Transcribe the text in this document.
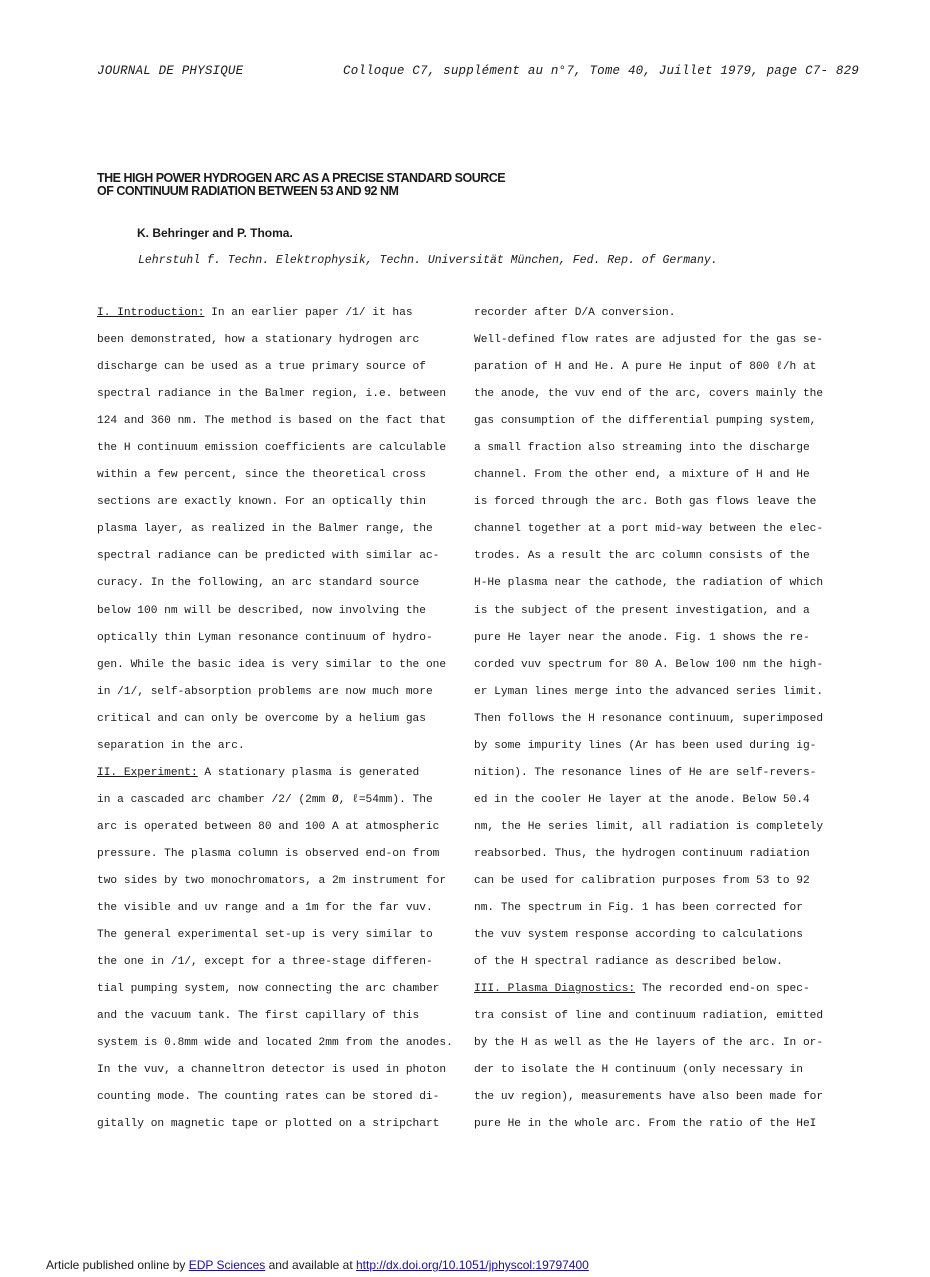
JOURNAL DE PHYSIQUE	Colloque C7, supplément au n°7, Tome 40, Juillet 1979, page C7- 829
THE HIGH POWER HYDROGEN ARC AS A PRECISE STANDARD SOURCE
OF CONTINUUM RADIATION BETWEEN 53 AND 92 NM
K. Behringer and P. Thoma.
Lehrstuhl f. Techn. Elektrophysik, Techn. Universität München, Fed. Rep. of Germany.
I. Introduction: In an earlier paper /1/ it has
been demonstrated, how a stationary hydrogen arc
discharge can be used as a true primary source of
spectral radiance in the Balmer region, i.e. between
124 and 360 nm. The method is based on the fact that
the H continuum emission coefficients are calculable
within a few percent, since the theoretical cross
sections are exactly known. For an optically thin
plasma layer, as realized in the Balmer range, the
spectral radiance can be predicted with similar ac-
curacy. In the following, an arc standard source
below 100 nm will be described, now involving the
optically thin Lyman resonance continuum of hydro-
gen. While the basic idea is very similar to the one
in /1/, self-absorption problems are now much more
critical and can only be overcome by a helium gas
separation in the arc.
II. Experiment: A stationary plasma is generated
in a cascaded arc chamber /2/ (2mm Ø, ℓ=54mm). The
arc is operated between 80 and 100 A at atmospheric
pressure. The plasma column is observed end-on from
two sides by two monochromators, a 2m instrument for
the visible and uv range and a 1m for the far vuv.
The general experimental set-up is very similar to
the one in /1/, except for a three-stage differen-
tial pumping system, now connecting the arc chamber
and the vacuum tank. The first capillary of this
system is 0.8mm wide and located 2mm from the anodes.
In the vuv, a channeltron detector is used in photon
counting mode. The counting rates can be stored di-
gitally on magnetic tape or plotted on a stripchart
recorder after D/A conversion.
Well-defined flow rates are adjusted for the gas se-
paration of H and He. A pure He input of 800 ℓ/h at
the anode, the vuv end of the arc, covers mainly the
gas consumption of the differential pumping system,
a small fraction also streaming into the discharge
channel. From the other end, a mixture of H and He
is forced through the arc. Both gas flows leave the
channel together at a port mid-way between the elec-
trodes. As a result the arc column consists of the
H-He plasma near the cathode, the radiation of which
is the subject of the present investigation, and a
pure He layer near the anode. Fig. 1 shows the re-
corded vuv spectrum for 80 A. Below 100 nm the high-
er Lyman lines merge into the advanced series limit.
Then follows the H resonance continuum, superimposed
by some impurity lines (Ar has been used during ig-
nition). The resonance lines of He are self-revers-
ed in the cooler He layer at the anode. Below 50.4
nm, the He series limit, all radiation is completely
reabsorbed. Thus, the hydrogen continuum radiation
can be used for calibration purposes from 53 to 92
nm. The spectrum in Fig. 1 has been corrected for
the vuv system response according to calculations
of the H spectral radiance as described below.
III. Plasma Diagnostics: The recorded end-on spec-
tra consist of line and continuum radiation, emitted
by the H as well as the He layers of the arc. In or-
der to isolate the H continuum (only necessary in
the uv region), measurements have also been made for
pure He in the whole arc. From the ratio of the HeI
Article published online by EDP Sciences and available at http://dx.doi.org/10.1051/jphyscol:19797400
